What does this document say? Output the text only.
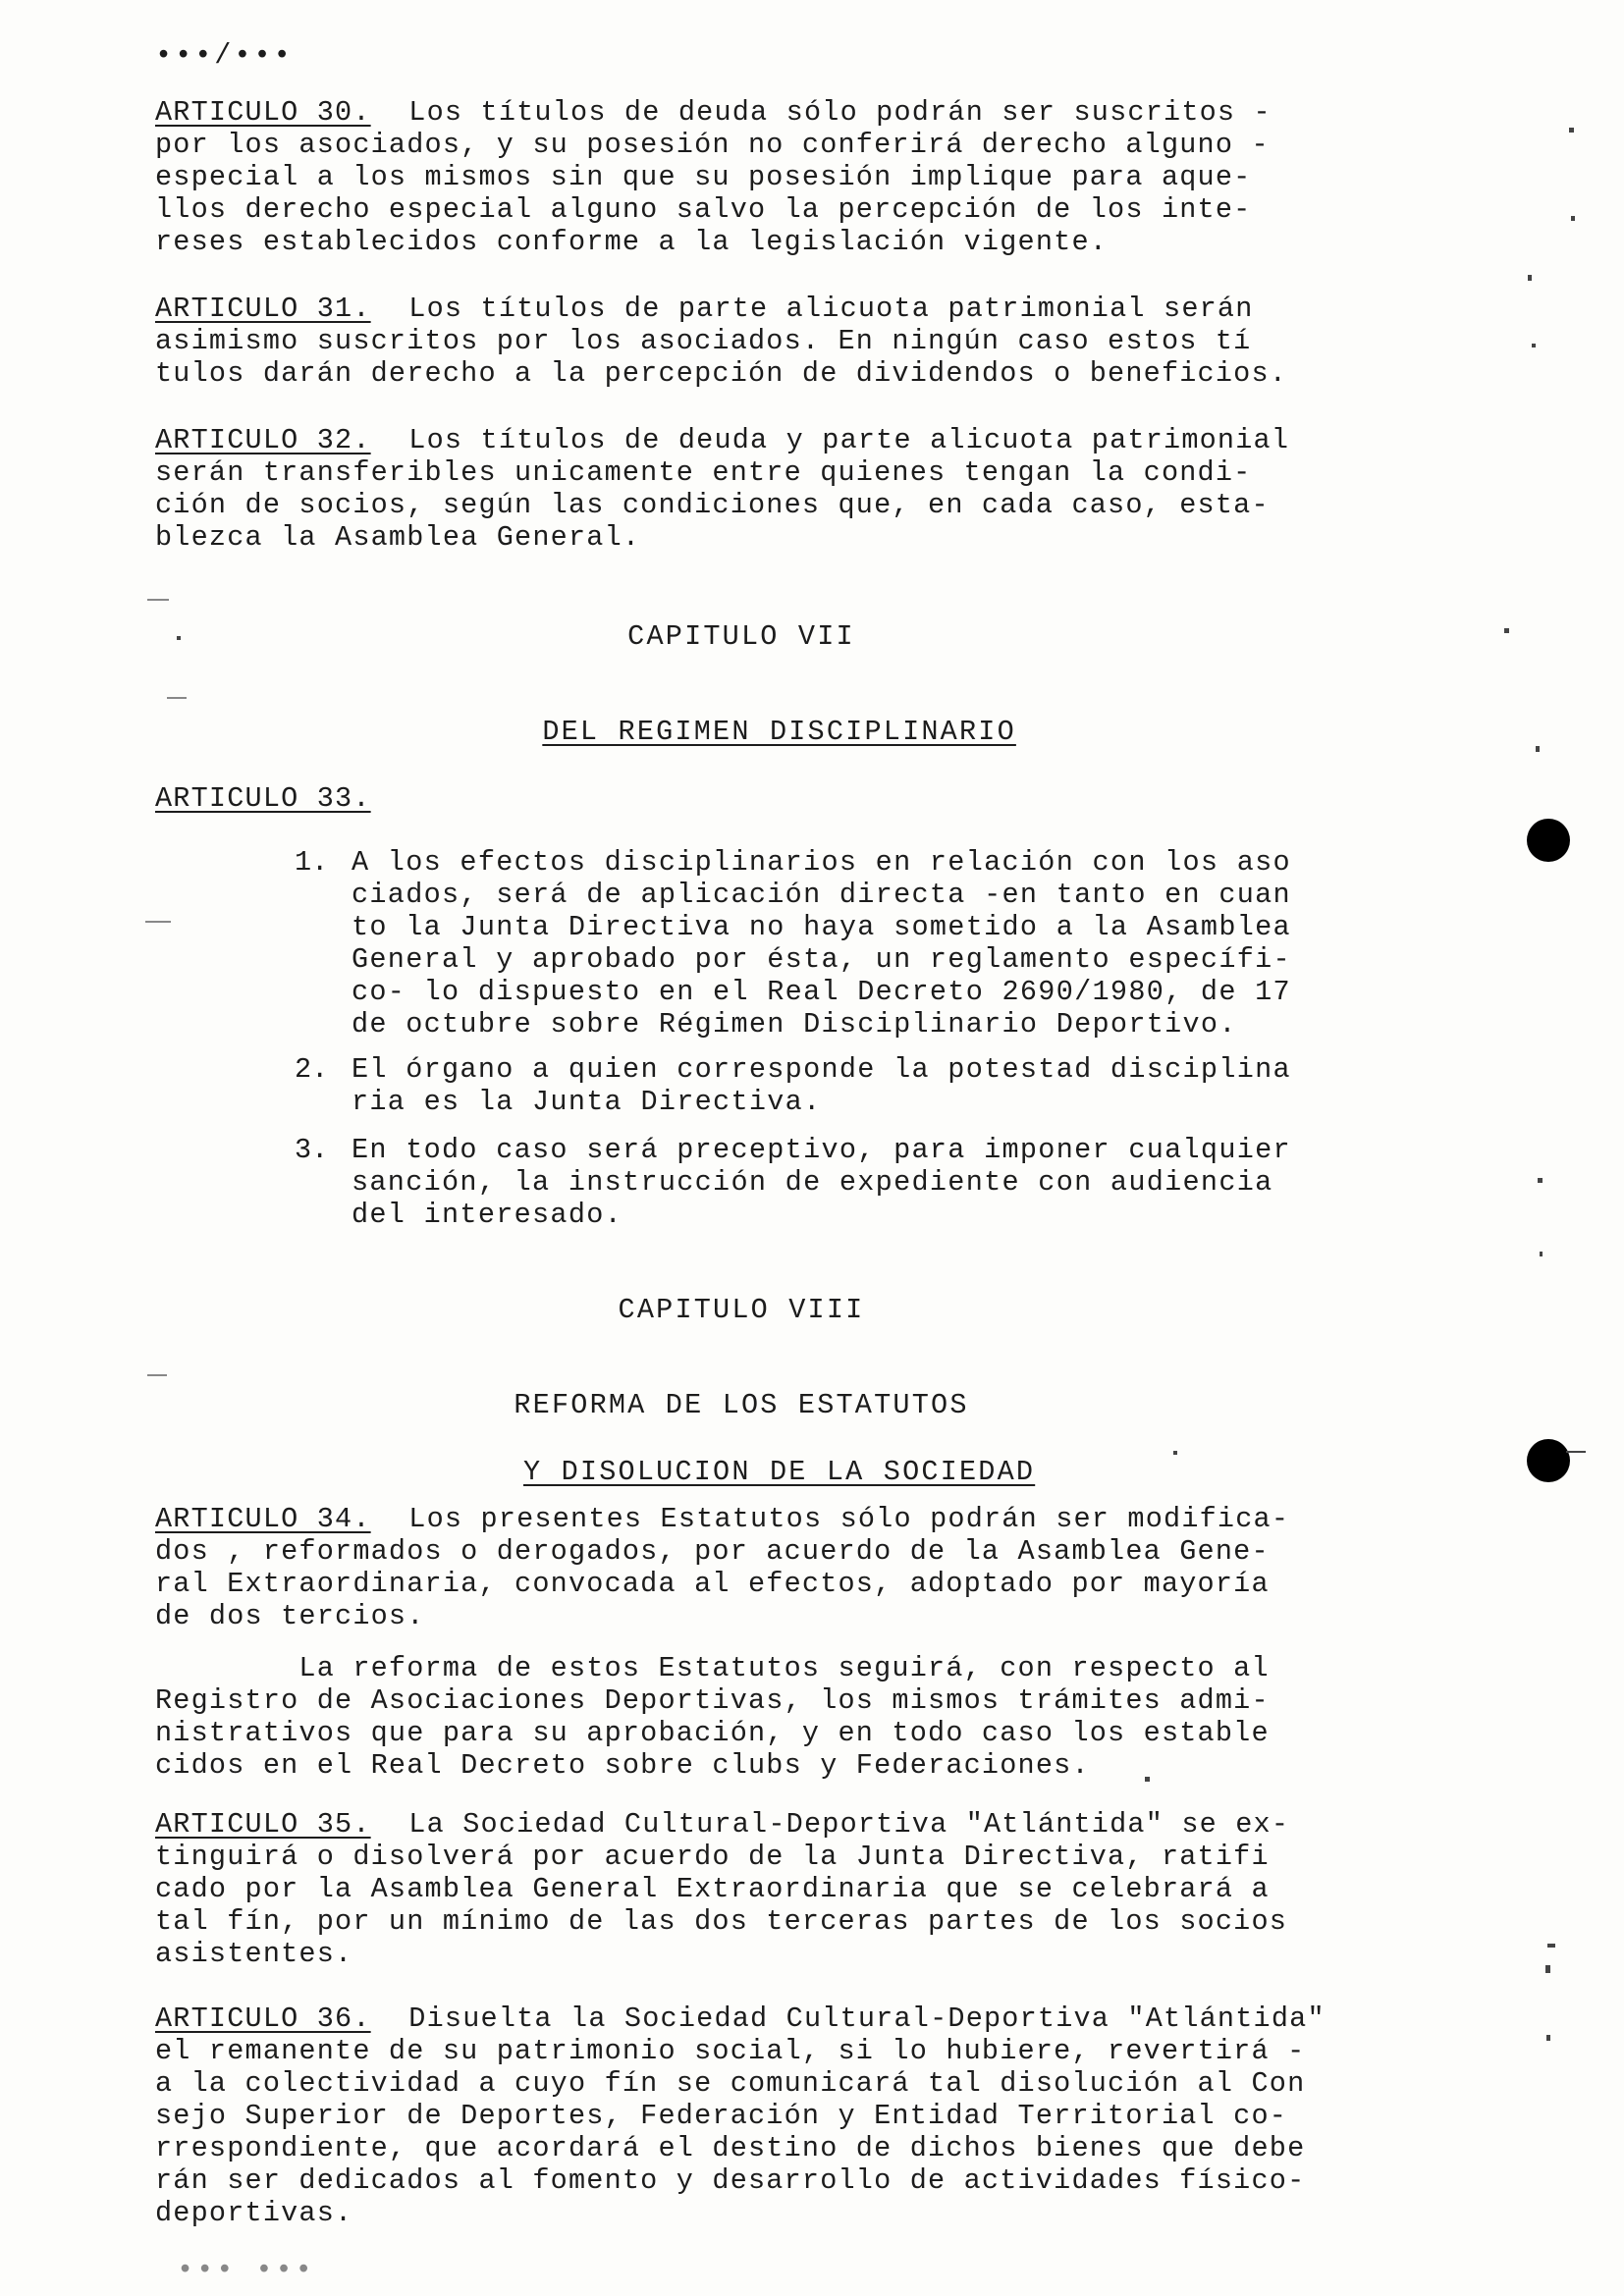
•••/•••
ARTICULO 30. Los títulos de deuda sólo podrán ser suscritos -
por los asociados, y su posesión no conferirá derecho alguno -
especial a los mismos sin que su posesión implique para aque-
llos derecho especial alguno salvo la percepción de los inte-
reses establecidos conforme a la legislación vigente.
ARTICULO 31. Los títulos de parte alicuota patrimonial serán
asimismo suscritos por los asociados. En ningún caso estos tí
tulos darán derecho a la percepción de dividendos o beneficios.
ARTICULO 32. Los títulos de deuda y parte alicuota patrimonial
serán transferibles unicamente entre quienes tengan la condi-
ción de socios, según las condiciones que, en cada caso, esta-
blezca la Asamblea General.
CAPITULO VII

DEL REGIMEN DISCIPLINARIO

ARTICULO 33.
1. A los efectos disciplinarios en relación con los aso
ciados, será de aplicación directa -en tanto en cuan
to la Junta Directiva no haya sometido a la Asamblea
General y aprobado por ésta, un reglamento específi-
co- lo dispuesto en el Real Decreto 2690/1980, de 17
de octubre sobre Régimen Disciplinario Deportivo.
2. El órgano a quien corresponde la potestad disciplina
ria es la Junta Directiva.
3. En todo caso será preceptivo, para imponer cualquier
sanción, la instrucción de expediente con audiencia
del interesado.
CAPITULO VIII
REFORMA DE LOS ESTATUTOS

Y DISOLUCION DE LA SOCIEDAD

ARTICULO 34. Los presentes Estatutos sólo podrán ser modifica-
dos , reformados o derogados, por acuerdo de la Asamblea Gene-
ral Extraordinaria, convocada al efectos, adoptado por mayoría
de dos tercios.
La reforma de estos Estatutos seguirá, con respecto al
Registro de Asociaciones Deportivas, los mismos trámites admi-
nistrativos que para su aprobación, y en todo caso los estable
cidos en el Real Decreto sobre clubs y Federaciones.
ARTICULO 35. La Sociedad Cultural-Deportiva "Atlántida" se ex-
tinguirá o disolverá por acuerdo de la Junta Directiva, ratifi
cado por la Asamblea General Extraordinaria que se celebrará a
tal fín, por un mínimo de las dos terceras partes de los socios
asistentes.
ARTICULO 36. Disuelta la Sociedad Cultural-Deportiva "Atlántida"
el remanente de su patrimonio social, si lo hubiere, revertirá -
a la colectividad a cuyo fín se comunicará tal disolución al Con
sejo Superior de Deportes, Federación y Entidad Territorial co-
rrespondiente, que acordará el destino de dichos bienes que debe
rán ser dedicados al fomento y desarrollo de actividades físico-
deportivas.
••• •••
